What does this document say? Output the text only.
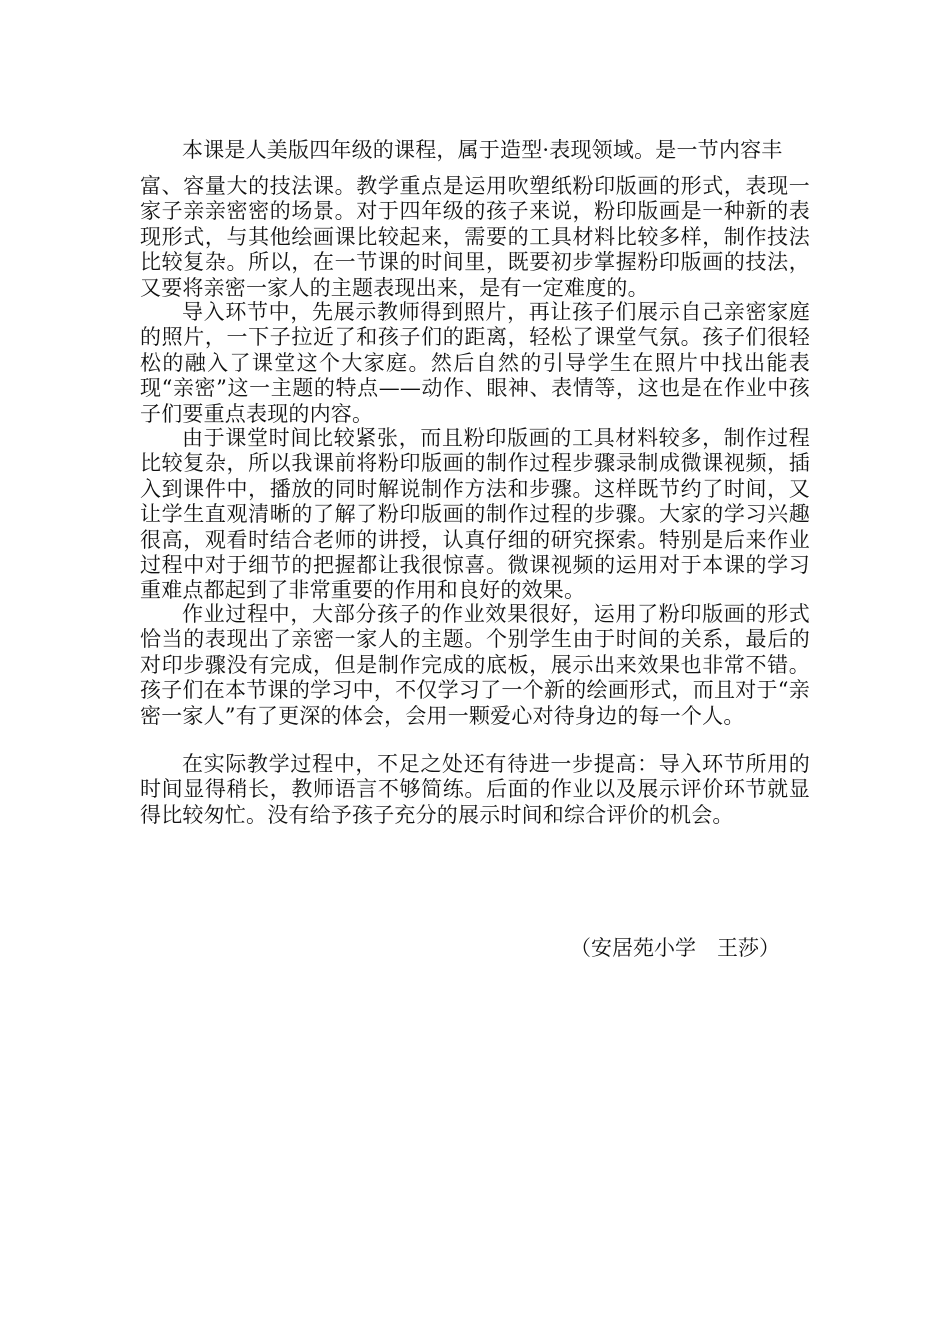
本课是人美版四年级的课程，属于造型·表现领域。是一节内容丰

富、容量大的技法课。教学重点是运用吹塑纸粉印版画的形式，表现一家子亲亲密密的场景。对于四年级的孩子来说，粉印版画是一种新的表现形式，与其他绘画课比较起来，需要的工具材料比较多样，制作技法比较复杂。所以，在一节课的时间里，既要初步掌握粉印版画的技法，又要将亲密一家人的主题表现出来，是有一定难度的。

导入环节中，先展示教师得到照片，再让孩子们展示自己亲密家庭的照片，一下子拉近了和孩子们的距离，轻松了课堂气氛。孩子们很轻松的融入了课堂这个大家庭。然后自然的引导学生在照片中找出能表现“亲密”这一主题的特点——动作、眼神、表情等，这也是在作业中孩子们要重点表现的内容。

由于课堂时间比较紧张，而且粉印版画的工具材料较多，制作过程比较复杂，所以我课前将粉印版画的制作过程步骤录制成微课视频，插入到课件中，播放的同时解说制作方法和步骤。这样既节约了时间，又让学生直观清晰的了解了粉印版画的制作过程的步骤。大家的学习兴趣很高，观看时结合老师的讲授，认真仔细的研究探索。特别是后来作业过程中对于细节的把握都让我很惊喜。微课视频的运用对于本课的学习重难点都起到了非常重要的作用和良好的效果。

作业过程中，大部分孩子的作业效果很好，运用了粉印版画的形式恰当的表现出了亲密一家人的主题。个别学生由于时间的关系，最后的对印步骤没有完成，但是制作完成的底板，展示出来效果也非常不错。孩子们在本节课的学习中，不仅学习了一个新的绘画形式，而且对于“亲密一家人”有了更深的体会，会用一颗爱心对待身边的每一个人。

在实际教学过程中，不足之处还有待进一步提高：导入环节所用的时间显得稍长，教师语言不够简练。后面的作业以及展示评价环节就显得比较匆忙。没有给予孩子充分的展示时间和综合评价的机会。

（安居苑小学　王莎）
